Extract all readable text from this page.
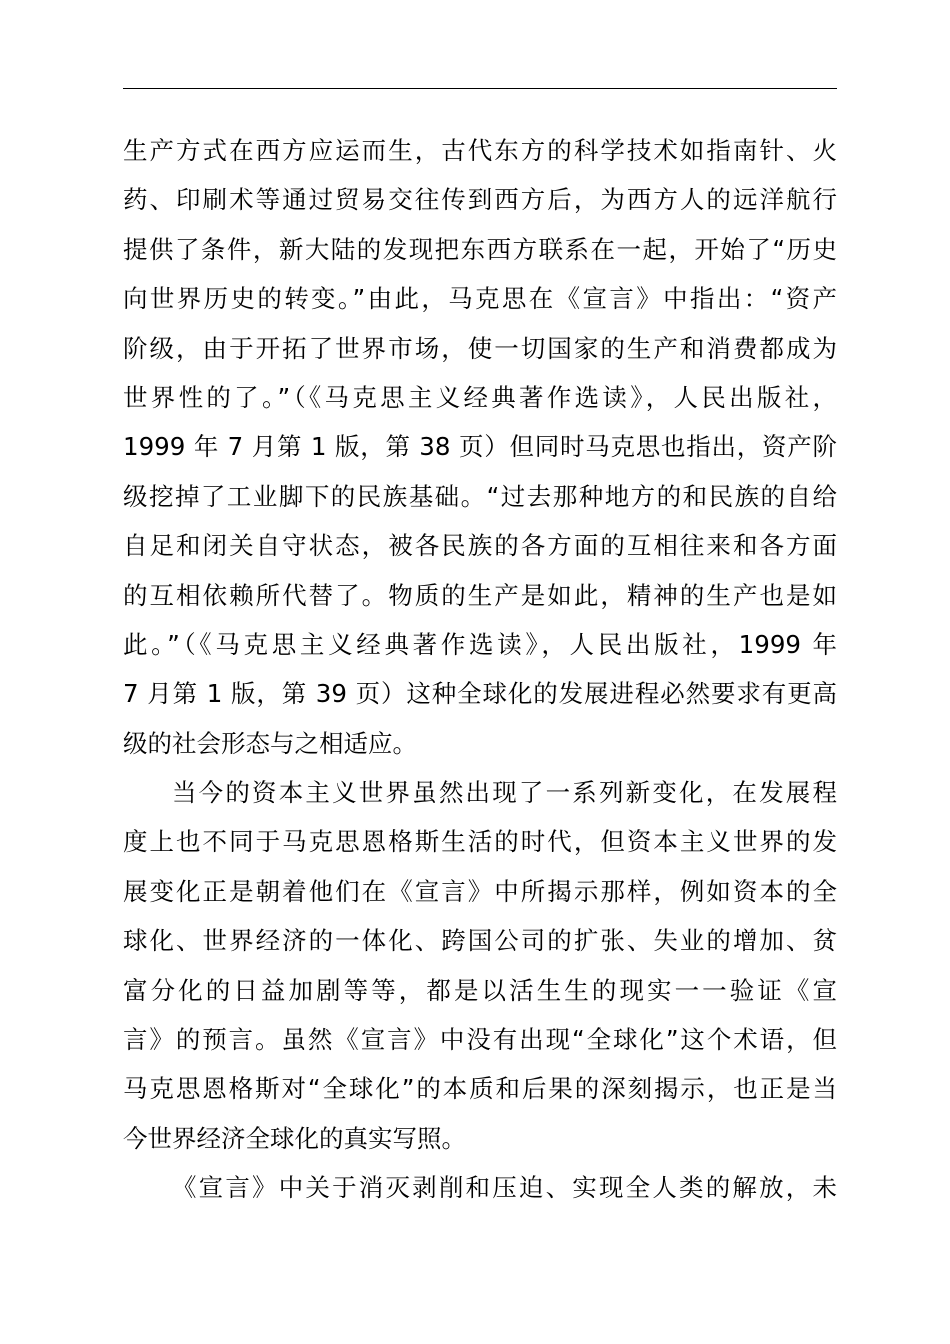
生产方式在西方应运而生，古代东方的科学技术如指南针、火
药、印刷术等通过贸易交往传到西方后，为西方人的远洋航行
提供了条件，新大陆的发现把东西方联系在一起，开始了“历史
向世界历史的转变。”由此，马克思在《宣言》中指出：“资产
阶级，由于开拓了世界市场，使一切国家的生产和消费都成为
世界性的了。”（《马克思主义经典著作选读》，人民出版社，
1999 年 7 月第 1 版，第 38 页）但同时马克思也指出，资产阶
级挖掉了工业脚下的民族基础。“过去那种地方的和民族的自给
自足和闭关自守状态，被各民族的各方面的互相往来和各方面
的互相依赖所代替了。物质的生产是如此，精神的生产也是如
此。”（《马克思主义经典著作选读》，人民出版社，1999 年
7 月第 1 版，第 39 页）这种全球化的发展进程必然要求有更高
级的社会形态与之相适应。
当今的资本主义世界虽然出现了一系列新变化，在发展程
度上也不同于马克思恩格斯生活的时代，但资本主义世界的发
展变化正是朝着他们在《宣言》中所揭示那样，例如资本的全
球化、世界经济的一体化、跨国公司的扩张、失业的增加、贫
富分化的日益加剧等等，都是以活生生的现实一一验证《宣
言》的预言。虽然《宣言》中没有出现“全球化”这个术语，但
马克思恩格斯对“全球化”的本质和后果的深刻揭示，也正是当
今世界经济全球化的真实写照。
《宣言》中关于消灭剥削和压迫、实现全人类的解放，未
